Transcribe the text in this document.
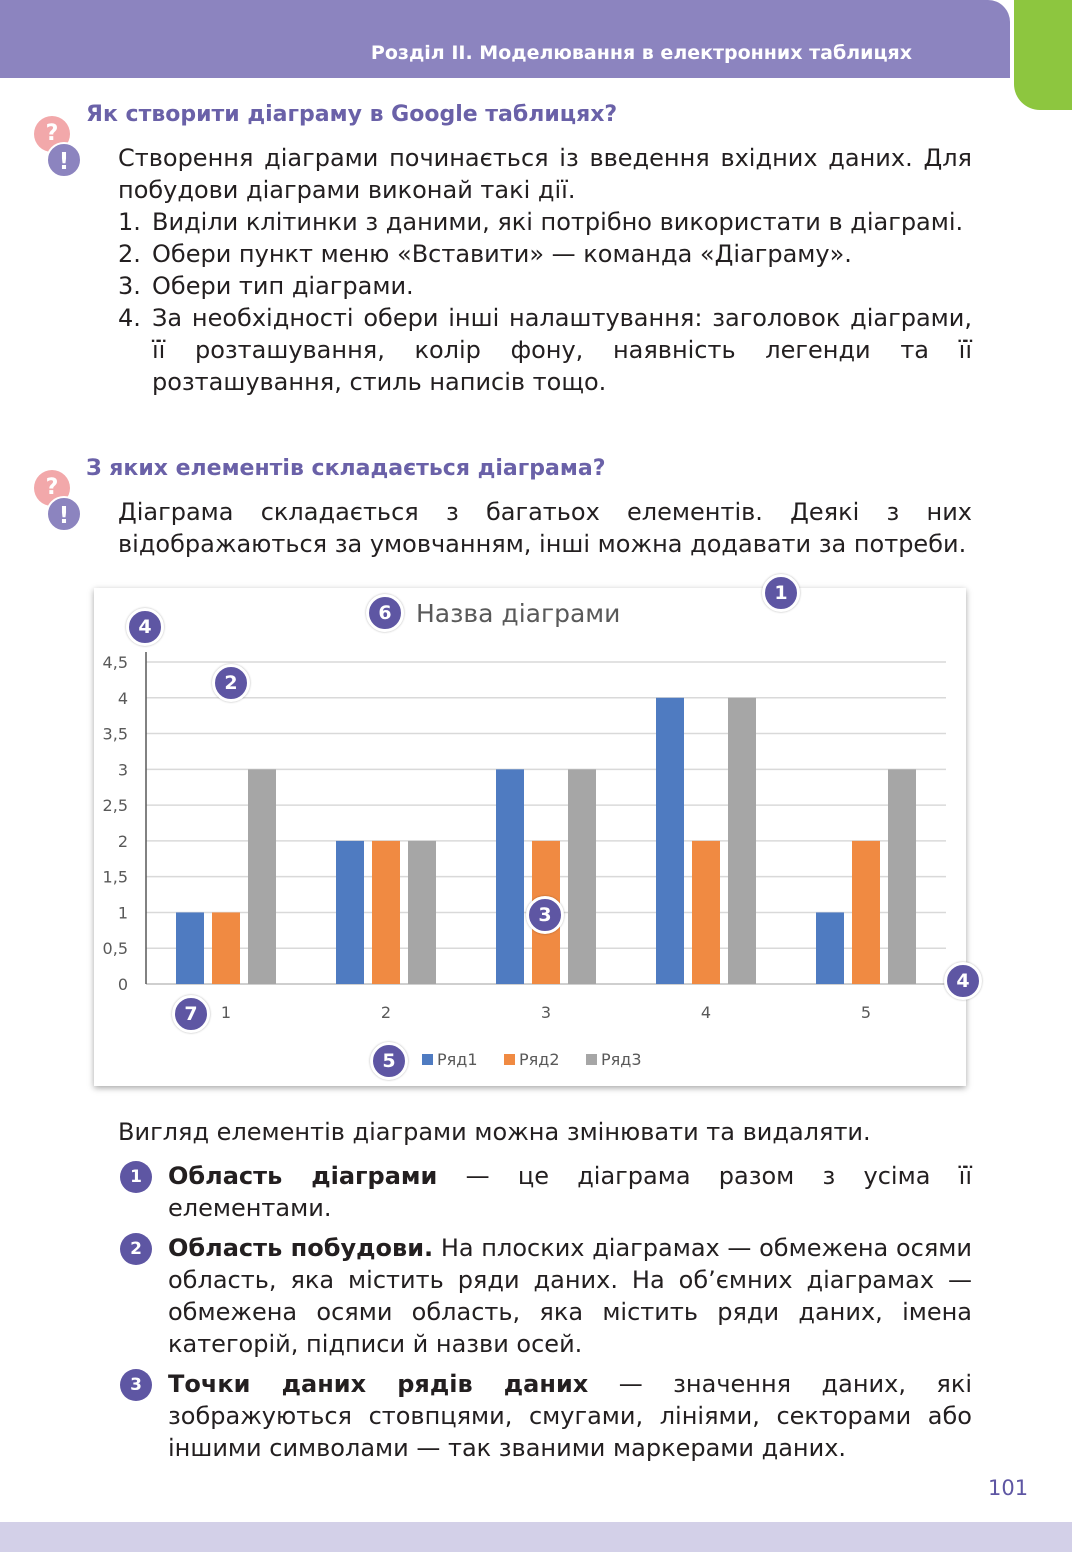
Розділ ІІ. Моделювання в електронних таблицях
?
!
Як створити діаграму в Google таблицях?
Створення діаграми починається із введення вхідних даних. Для побудови діаграми виконай такі дії.
1. Виділи клітинки з даними, які потрібно використати в діаграмі.
2. Обери пункт меню «Вставити» — команда «Діаграму».
3. Обери тип діаграми.
4. За необхідності обери інші налаштування: заголовок діаграми, її розташування, колір фону, наявність легенди та її розташування, стиль написів тощо.
?
!
З яких елементів складається діаграма?
Діаграма складається з багатьох елементів. Деякі з них відображаються за умовчанням, інші можна додавати за потреби.
Назва діаграми
0
0,5
1
1,5
2
2,5
3
3,5
4
4,5
1	2	3	4	5
Ряд1	Ряд2	Ряд3
1
6
4
2
3
4
7
5
Вигляд елементів діаграми можна змінювати та видаляти.
1	Область діаграми — це діаграма разом з усіма її елементами.
2	Область побудови. На плоских діаграмах — обмежена осями область, яка містить ряди даних. На об’ємних діаграмах — обмежена осями область, яка містить ряди даних, імена категорій, підписи й назви осей.
3	Точки даних рядів даних — значення даних, які зображуються стовпцями, смугами, лініями, секторами або іншими символами — так званими маркерами даних.
101
